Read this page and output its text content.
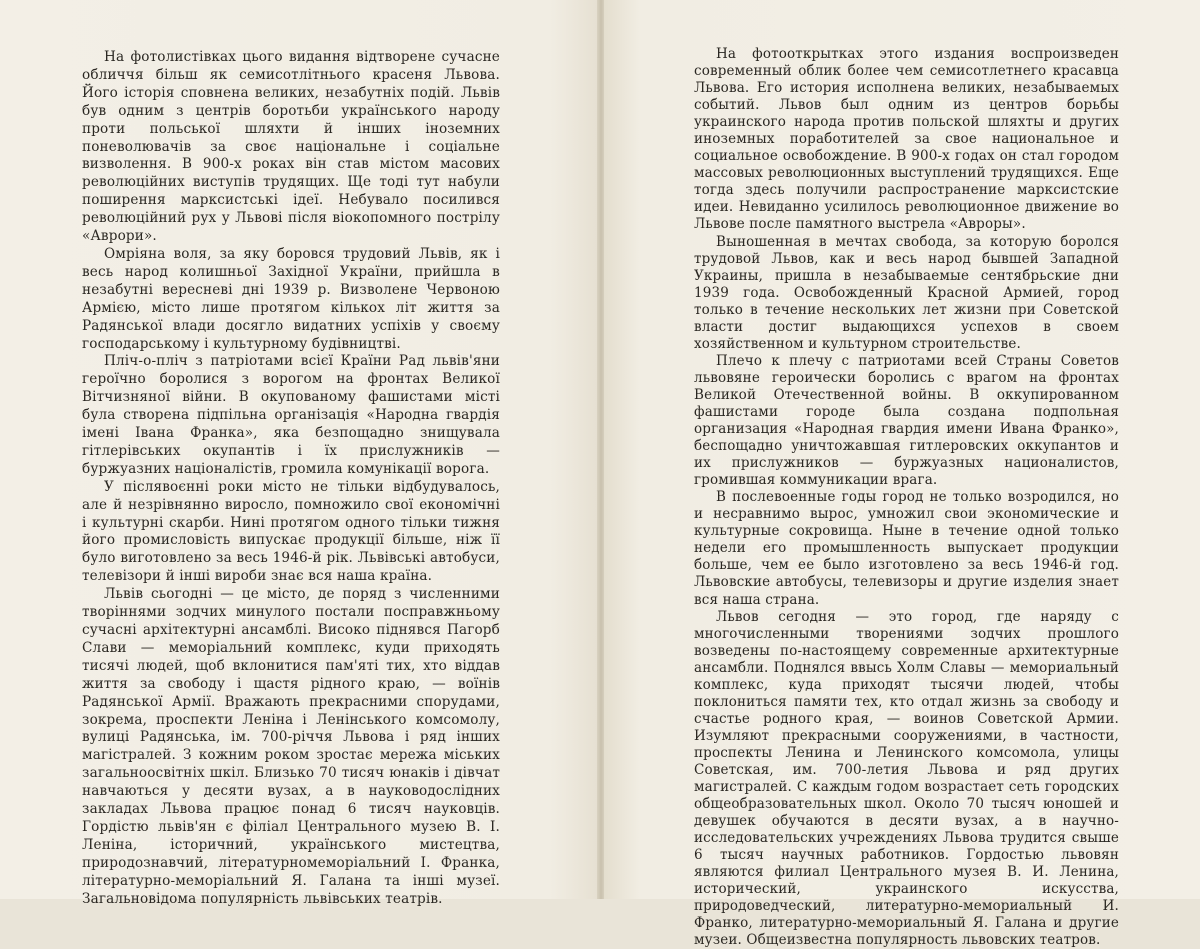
На фотолистівках цього видання відтворене сучасне обличчя більш як семисотлітнього красеня Львова. Його історія сповнена великих, незабутніх подій. Львів був одним з центрів боротьби українського народу проти польської шляхти й інших іноземних поневолювачів за своє національне і соціальне визволення. В 900-х роках він став містом масових революційних виступів трудящих. Ще тоді тут набули поширення марксистські ідеї. Небувало посилився революційний рух у Львові після віокопомного пострілу «Аврори».

Омріяна воля, за яку боровся трудовий Львів, як і весь народ колишньої Західної України, прийшла в незабутні вересневі дні 1939 р. Визволене Червоною Армією, місто лише протягом кількох літ життя за Радянської влади досягло видатних успіхів у своєму господарському і культурному будівництві.

Пліч-о-пліч з патріотами всієї Країни Рад львів'яни героїчно боролися з ворогом на фронтах Великої Вітчизняної війни. В окупованому фашистами місті була створена підпільна організація «Народна гвардія імені Івана Франка», яка безпощадно знищувала гітлерівських окупантів і їх прислужників — буржуазних націоналістів, громила комунікації ворога.

У післявоєнні роки місто не тільки відбудувалось, але й незрівнянно виросло, помножило свої економічні і культурні скарби. Нині протягом одного тільки тижня його промисловість випускає продукції більше, ніж її було виготовлено за весь 1946-й рік. Львівські автобуси, телевізори й інші вироби знає вся наша країна.

Львів сьогодні — це місто, де поряд з численними творіннями зодчих минулого постали посправжньому сучасні архітектурні ансамблі. Високо піднявся Пагорб Слави — меморіальний комплекс, куди приходять тисячі людей, щоб вклонитися пам'яті тих, хто віддав життя за свободу і щастя рідного краю, — воїнів Радянської Армії. Вражають прекрасними спорудами, зокрема, проспекти Леніна і Ленінського комсомолу, вулиці Радянська, ім. 700-річчя Львова і ряд інших магістралей. З кожним роком зростає мережа міських загальноосвітніх шкіл. Близько 70 тисяч юнаків і дівчат навчаються у десяти вузах, а в науководослідних закладах Львова працює понад 6 тисяч науковців. Гордістю львів'ян є філіал Центрального музею В. І. Леніна, історичний, українського мистецтва, природознавчий, літературномеморіальний І. Франка, літературно-меморіальний Я. Галана та інші музеї. Загальновідома популярність львівських театрів.

На фотооткрытках этого издания воспроизведен современный облик более чем семисотлетнего красавца Львова. Его история исполнена великих, незабываемых событий. Львов был одним из центров борьбы украинского народа против польской шляхты и других иноземных поработителей за свое национальное и социальное освобождение. В 900-х годах он стал городом массовых революционных выступлений трудящихся. Еще тогда здесь получили распространение марксистские идеи. Невиданно усилилось революционное движение во Львове после памятного выстрела «Авроры».

Выношенная в мечтах свобода, за которую боролся трудовой Львов, как и весь народ бывшей Западной Украины, пришла в незабываемые сентябрьские дни 1939 года. Освобожденный Красной Армией, город только в течение нескольких лет жизни при Советской власти достиг выдающихся успехов в своем хозяйственном и культурном строительстве.

Плечо к плечу с патриотами всей Страны Советов львовяне героически боролись с врагом на фронтах Великой Отечественной войны. В оккупированном фашистами городе была создана подпольная организация «Народная гвардия имени Ивана Франко», беспощадно уничтожавшая гитлеровских оккупантов и их прислужников — буржуазных националистов, громившая коммуникации врага.

В послевоенные годы город не только возродился, но и несравнимо вырос, умножил свои экономические и культурные сокровища. Ныне в течение одной только недели его промышленность выпускает продукции больше, чем ее было изготовлено за весь 1946-й год. Львовские автобусы, телевизоры и другие изделия знает вся наша страна.

Львов сегодня — это город, где наряду с многочисленными творениями зодчих прошлого возведены по-настоящему современные архитектурные ансамбли. Поднялся ввысь Холм Славы — мемориальный комплекс, куда приходят тысячи людей, чтобы поклониться памяти тех, кто отдал жизнь за свободу и счастье родного края, — воинов Советской Армии. Изумляют прекрасными сооружениями, в частности, проспекты Ленина и Ленинского комсомола, улицы Советская, им. 700-летия Львова и ряд других магистралей. С каждым годом возрастает сеть городских общеобразовательных школ. Около 70 тысяч юношей и девушек обучаются в десяти вузах, а в научно-исследовательских учреждениях Львова трудится свыше 6 тысяч научных работников. Гордостью львовян являются филиал Центрального музея В. И. Ленина, исторический, украинского искусства, природоведческий, литературно-мемориальный И. Франко, литературно-мемориальный Я. Галана и другие музеи. Общеизвестна популярность львовских театров.
